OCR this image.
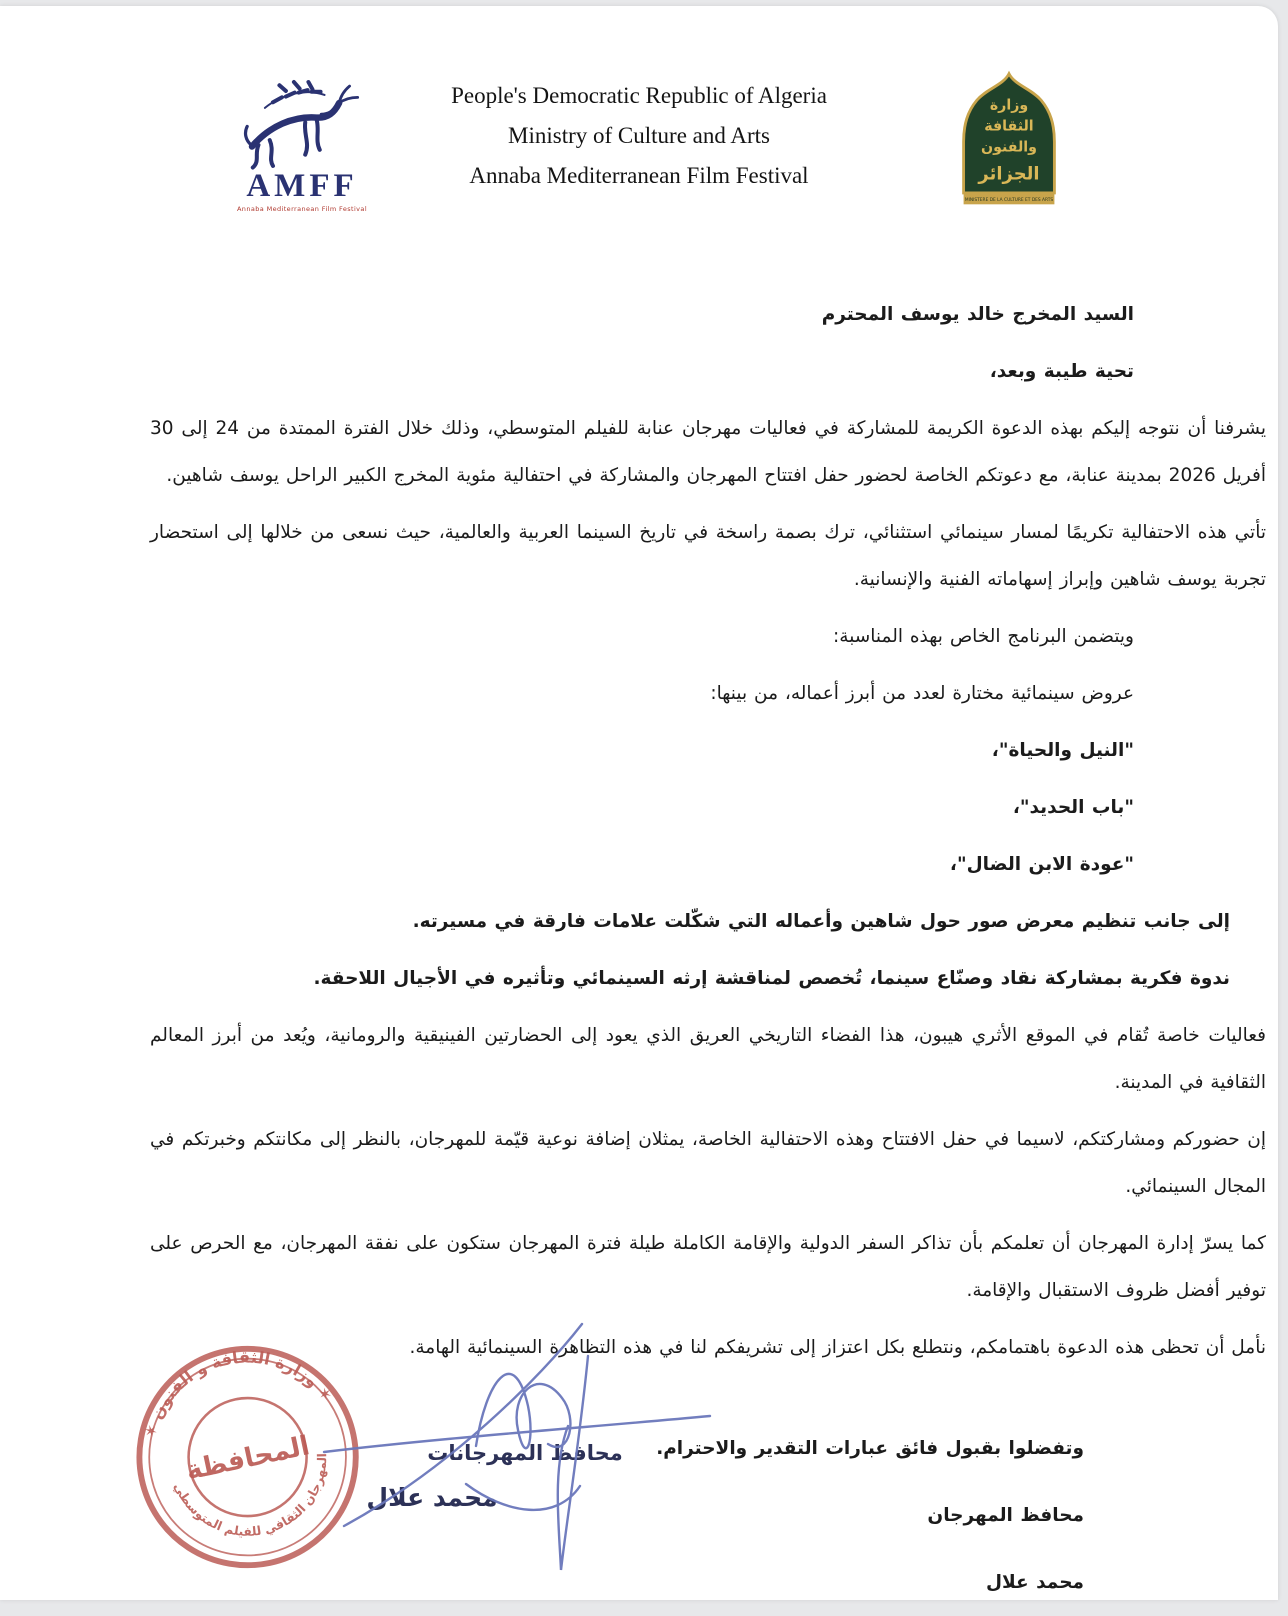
AMFF
Annaba Mediterranean Film Festival
People's Democratic Republic of Algeria
Ministry of Culture and Arts
Annaba Mediterranean Film Festival
وزارة
الثقافة
والفنون
الجزائر
MINISTERE DE LA CULTURE ET DES ARTS

السيد المخرج خالد يوسف المحترم

تحية طيبة وبعد،

يشرفنا أن نتوجه إليكم بهذه الدعوة الكريمة للمشاركة في فعاليات مهرجان عنابة للفيلم المتوسطي، وذلك خلال الفترة الممتدة من 24 إلى 30 أفريل 2026 بمدينة عنابة، مع دعوتكم الخاصة لحضور حفل افتتاح المهرجان والمشاركة في احتفالية مئوية المخرج الكبير الراحل يوسف شاهين.

تأتي هذه الاحتفالية تكريمًا لمسار سينمائي استثنائي، ترك بصمة راسخة في تاريخ السينما العربية والعالمية، حيث نسعى من خلالها إلى استحضار تجربة يوسف شاهين وإبراز إسهاماته الفنية والإنسانية.

ويتضمن البرنامج الخاص بهذه المناسبة:

عروض سينمائية مختارة لعدد من أبرز أعماله، من بينها:

"النيل والحياة"،

"باب الحديد"،

"عودة الابن الضال"،

إلى جانب تنظيم معرض صور حول شاهين وأعماله التي شكّلت علامات فارقة في مسيرته.

ندوة فكرية بمشاركة نقاد وصنّاع سينما، تُخصص لمناقشة إرثه السينمائي وتأثيره في الأجيال اللاحقة.

فعاليات خاصة تُقام في الموقع الأثري هيبون، هذا الفضاء التاريخي العريق الذي يعود إلى الحضارتين الفينيقية والرومانية، ويُعد من أبرز المعالم الثقافية في المدينة.

إن حضوركم ومشاركتكم، لاسيما في حفل الافتتاح وهذه الاحتفالية الخاصة، يمثلان إضافة نوعية قيّمة للمهرجان، بالنظر إلى مكانتكم وخبرتكم في المجال السينمائي.

كما يسرّ إدارة المهرجان أن تعلمكم بأن تذاكر السفر الدولية والإقامة الكاملة طيلة فترة المهرجان ستكون على نفقة المهرجان، مع الحرص على توفير أفضل ظروف الاستقبال والإقامة.

نأمل أن تحظى هذه الدعوة باهتمامكم، ونتطلع بكل اعتزاز إلى تشريفكم لنا في هذه التظاهرة السينمائية الهامة.

وتفضلوا بقبول فائق عبارات التقدير والاحترام.

محافظ المهرجان

محمد علال

✶ وزارة الثقافة و الفنون ✶
المهرجان الثقافي للفيلم المتوسطي
المحافظة	محافظ المهرجانات
محمد علال
